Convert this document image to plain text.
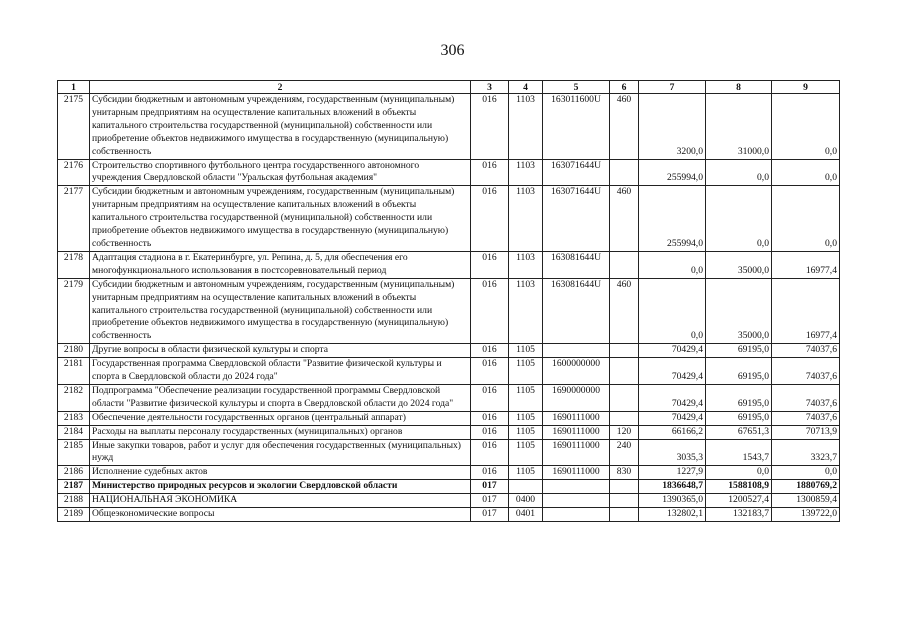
306
1	2	3	4	5	6	7	8	9
2175	Субсидии бюджетным и автономным учреждениям, государственным (муниципальным) унитарным предприятиям на осуществление капитальных вложений в объекты капитального строительства государственной (муниципальной) собственности или приобретение объектов недвижимого имущества в государственную (муниципальную) собственность	016	1103	163011600U	460	3200,0	31000,0	0,0
2176	Строительство спортивного футбольного центра государственного автономного учреждения Свердловской области "Уральская футбольная академия"	016	1103	163071644U		255994,0	0,0	0,0
2177	Субсидии бюджетным и автономным учреждениям, государственным (муниципальным) унитарным предприятиям на осуществление капитальных вложений в объекты капитального строительства государственной (муниципальной) собственности или приобретение объектов недвижимого имущества в государственную (муниципальную) собственность	016	1103	163071644U	460	255994,0	0,0	0,0
2178	Адаптация стадиона в г. Екатеринбурге, ул. Репина, д. 5, для обеспечения его многофункционального использования в постсоревновательный период	016	1103	163081644U		0,0	35000,0	16977,4
2179	Субсидии бюджетным и автономным учреждениям, государственным (муниципальным) унитарным предприятиям на осуществление капитальных вложений в объекты капитального строительства государственной (муниципальной) собственности или приобретение объектов недвижимого имущества в государственную (муниципальную) собственность	016	1103	163081644U	460	0,0	35000,0	16977,4
2180	Другие вопросы в области физической культуры и спорта	016	1105			70429,4	69195,0	74037,6
2181	Государственная программа Свердловской области "Развитие физической культуры и спорта в Свердловской области до 2024 года"	016	1105	1600000000		70429,4	69195,0	74037,6
2182	Подпрограмма "Обеспечение реализации государственной программы Свердловской области "Развитие физической культуры и спорта в Свердловской области до 2024 года"	016	1105	1690000000		70429,4	69195,0	74037,6
2183	Обеспечение деятельности государственных органов (центральный аппарат)	016	1105	1690111000		70429,4	69195,0	74037,6
2184	Расходы на выплаты персоналу государственных (муниципальных) органов	016	1105	1690111000	120	66166,2	67651,3	70713,9
2185	Иные закупки товаров, работ и услуг для обеспечения государственных (муниципальных) нужд	016	1105	1690111000	240	3035,3	1543,7	3323,7
2186	Исполнение судебных актов	016	1105	1690111000	830	1227,9	0,0	0,0
2187	Министерство природных ресурсов и экологии Свердловской области	017				1836648,7	1588108,9	1880769,2
2188	НАЦИОНАЛЬНАЯ ЭКОНОМИКА	017	0400			1390365,0	1200527,4	1300859,4
2189	Общеэкономические вопросы	017	0401			132802,1	132183,7	139722,0
